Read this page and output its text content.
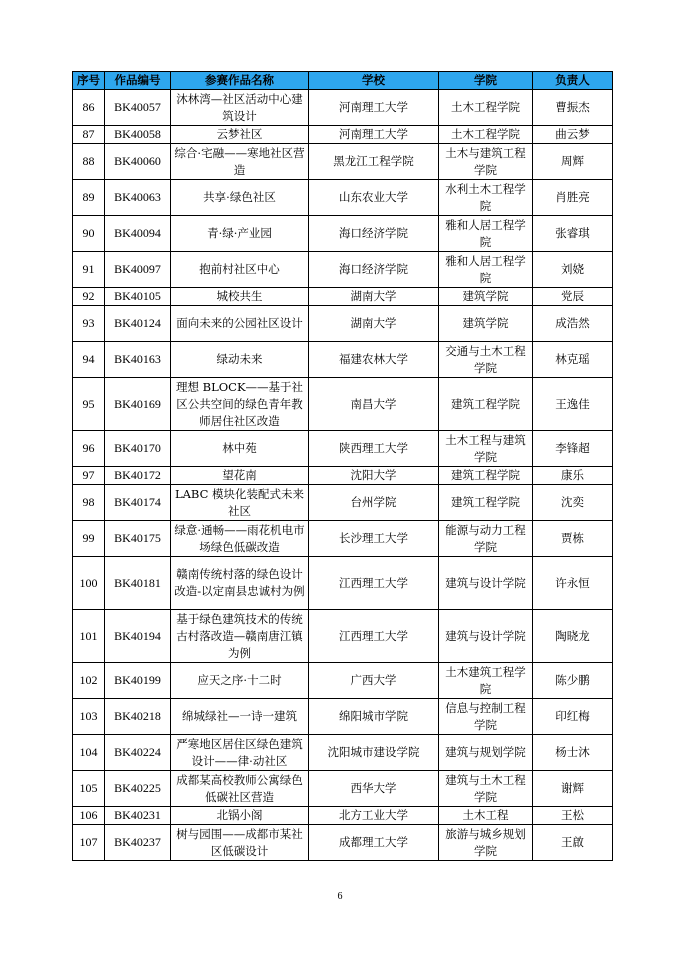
序号	作品编号	参赛作品名称	学校	学院	负责人
86	BK40057	沐林湾—社区活动中心建筑设计	河南理工大学	土木工程学院	曹振杰
87	BK40058	云梦社区	河南理工大学	土木工程学院	曲云梦
88	BK40060	综合·宅融——寒地社区营造	黑龙江工程学院	土木与建筑工程学院	周辉
89	BK40063	共享·绿色社区	山东农业大学	水利土木工程学院	肖胜亮
90	BK40094	青·绿·产业园	海口经济学院	雅和人居工程学院	张睿琪
91	BK40097	抱前村社区中心	海口经济学院	雅和人居工程学院	刘娆
92	BK40105	城校共生	湖南大学	建筑学院	党辰
93	BK40124	面向未来的公园社区设计	湖南大学	建筑学院	成浩然
94	BK40163	绿动未来	福建农林大学	交通与土木工程学院	林克瑶
95	BK40169	理想 BLOCK——基于社区公共空间的绿色青年教师居住社区改造	南昌大学	建筑工程学院	王逸佳
96	BK40170	林中苑	陕西理工大学	土木工程与建筑学院	李锋超
97	BK40172	望花南	沈阳大学	建筑工程学院	康乐
98	BK40174	LABC 模块化装配式未来社区	台州学院	建筑工程学院	沈奕
99	BK40175	绿意·通畅——雨花机电市场绿色低碳改造	长沙理工大学	能源与动力工程学院	贾栋
100	BK40181	赣南传统村落的绿色设计改造-以定南县忠诚村为例	江西理工大学	建筑与设计学院	许永恒
101	BK40194	基于绿色建筑技术的传统古村落改造—赣南唐江镇为例	江西理工大学	建筑与设计学院	陶晓龙
102	BK40199	应天之序·十二时	广西大学	土木建筑工程学院	陈少鹏
103	BK40218	绵城绿社—一诗一建筑	绵阳城市学院	信息与控制工程学院	印红梅
104	BK40224	严寒地区居住区绿色建筑设计——律·动社区	沈阳城市建设学院	建筑与规划学院	杨士沐
105	BK40225	成都某高校教师公寓绿色低碳社区营造	西华大学	建筑与土木工程学院	谢辉
106	BK40231	北锅小阁	北方工业大学	土木工程	王松
107	BK40237	树与园围——成都市某社区低碳设计	成都理工大学	旅游与城乡规划学院	王啟
6
